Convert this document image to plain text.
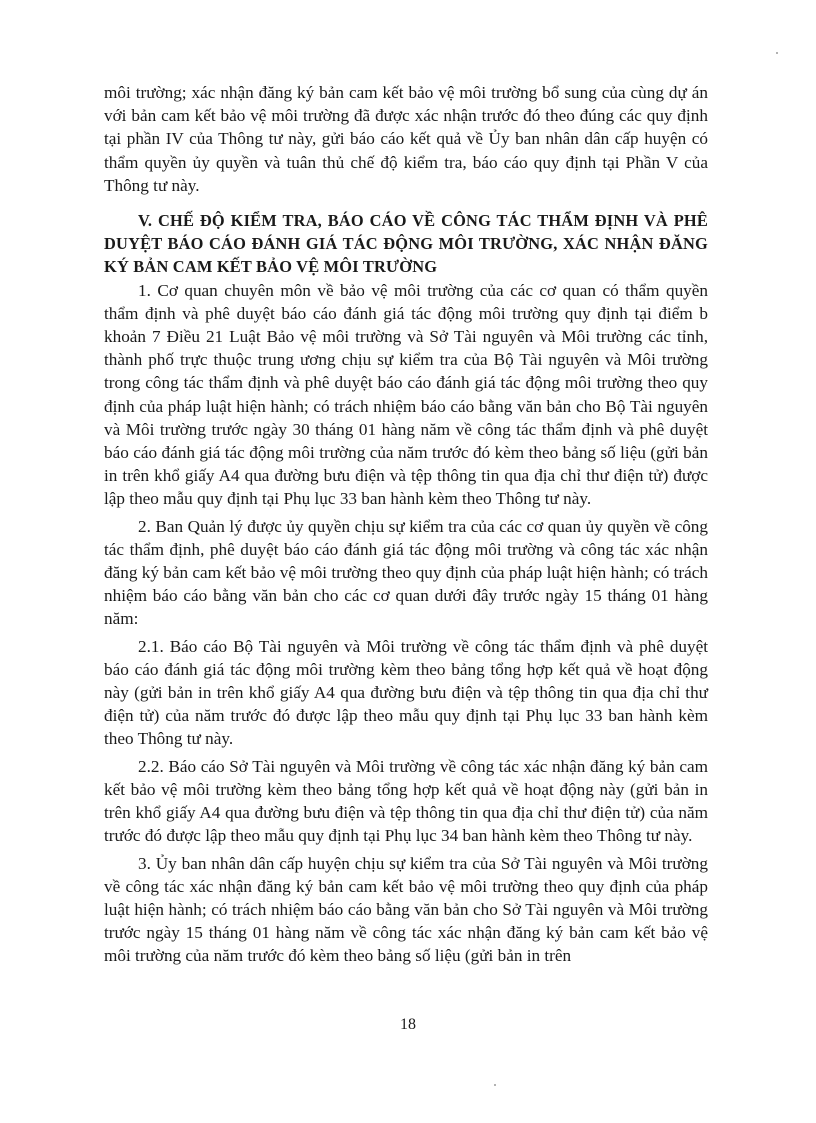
môi trường; xác nhận đăng ký bản cam kết bảo vệ môi trường bổ sung của cùng dự án với bản cam kết bảo vệ môi trường đã được xác nhận trước đó theo đúng các quy định tại phần IV của Thông tư này, gửi báo cáo kết quả về Ủy ban nhân dân cấp huyện có thẩm quyền ủy quyền và tuân thủ chế độ kiểm tra, báo cáo quy định tại Phần V của Thông tư này.

V. CHẾ ĐỘ KIỂM TRA, BÁO CÁO VỀ CÔNG TÁC THẨM ĐỊNH VÀ PHÊ DUYỆT BÁO CÁO ĐÁNH GIÁ TÁC ĐỘNG MÔI TRƯỜNG, XÁC NHẬN ĐĂNG KÝ BẢN CAM KẾT BẢO VỆ MÔI TRƯỜNG

1. Cơ quan chuyên môn về bảo vệ môi trường của các cơ quan có thẩm quyền thẩm định và phê duyệt báo cáo đánh giá tác động môi trường quy định tại điểm b khoản 7 Điều 21 Luật Bảo vệ môi trường và Sở Tài nguyên và Môi trường các tỉnh, thành phố trực thuộc trung ương chịu sự kiểm tra của Bộ Tài nguyên và Môi trường trong công tác thẩm định và phê duyệt báo cáo đánh giá tác động môi trường theo quy định của pháp luật hiện hành; có trách nhiệm báo cáo bằng văn bản cho Bộ Tài nguyên và Môi trường trước ngày 30 tháng 01 hàng năm về công tác thẩm định và phê duyệt báo cáo đánh giá tác động môi trường của năm trước đó kèm theo bảng số liệu (gửi bản in trên khổ giấy A4 qua đường bưu điện và tệp thông tin qua địa chỉ thư điện tử) được lập theo mẫu quy định tại Phụ lục 33 ban hành kèm theo Thông tư này.

2. Ban Quản lý được ủy quyền chịu sự kiểm tra của các cơ quan ủy quyền về công tác thẩm định, phê duyệt báo cáo đánh giá tác động môi trường và công tác xác nhận đăng ký bản cam kết bảo vệ môi trường theo quy định của pháp luật hiện hành; có trách nhiệm báo cáo bằng văn bản cho các cơ quan dưới đây trước ngày 15 tháng 01 hàng năm:

2.1. Báo cáo Bộ Tài nguyên và Môi trường về công tác thẩm định và phê duyệt báo cáo đánh giá tác động môi trường kèm theo bảng tổng hợp kết quả về hoạt động này (gửi bản in trên khổ giấy A4 qua đường bưu điện và tệp thông tin qua địa chỉ thư điện tử) của năm trước đó được lập theo mẫu quy định tại Phụ lục 33 ban hành kèm theo Thông tư này.

2.2. Báo cáo Sở Tài nguyên và Môi trường về công tác xác nhận đăng ký bản cam kết bảo vệ môi trường kèm theo bảng tổng hợp kết quả về hoạt động này (gửi bản in trên khổ giấy A4 qua đường bưu điện và tệp thông tin qua địa chỉ thư điện tử) của năm trước đó được lập theo mẫu quy định tại Phụ lục 34 ban hành kèm theo Thông tư này.

3. Ủy ban nhân dân cấp huyện chịu sự kiểm tra của Sở Tài nguyên và Môi trường về công tác xác nhận đăng ký bản cam kết bảo vệ môi trường theo quy định của pháp luật hiện hành; có trách nhiệm báo cáo bằng văn bản cho Sở Tài nguyên và Môi trường trước ngày 15 tháng 01 hàng năm về công tác xác nhận đăng ký bản cam kết bảo vệ môi trường của năm trước đó kèm theo bảng số liệu (gửi bản in trên

18
